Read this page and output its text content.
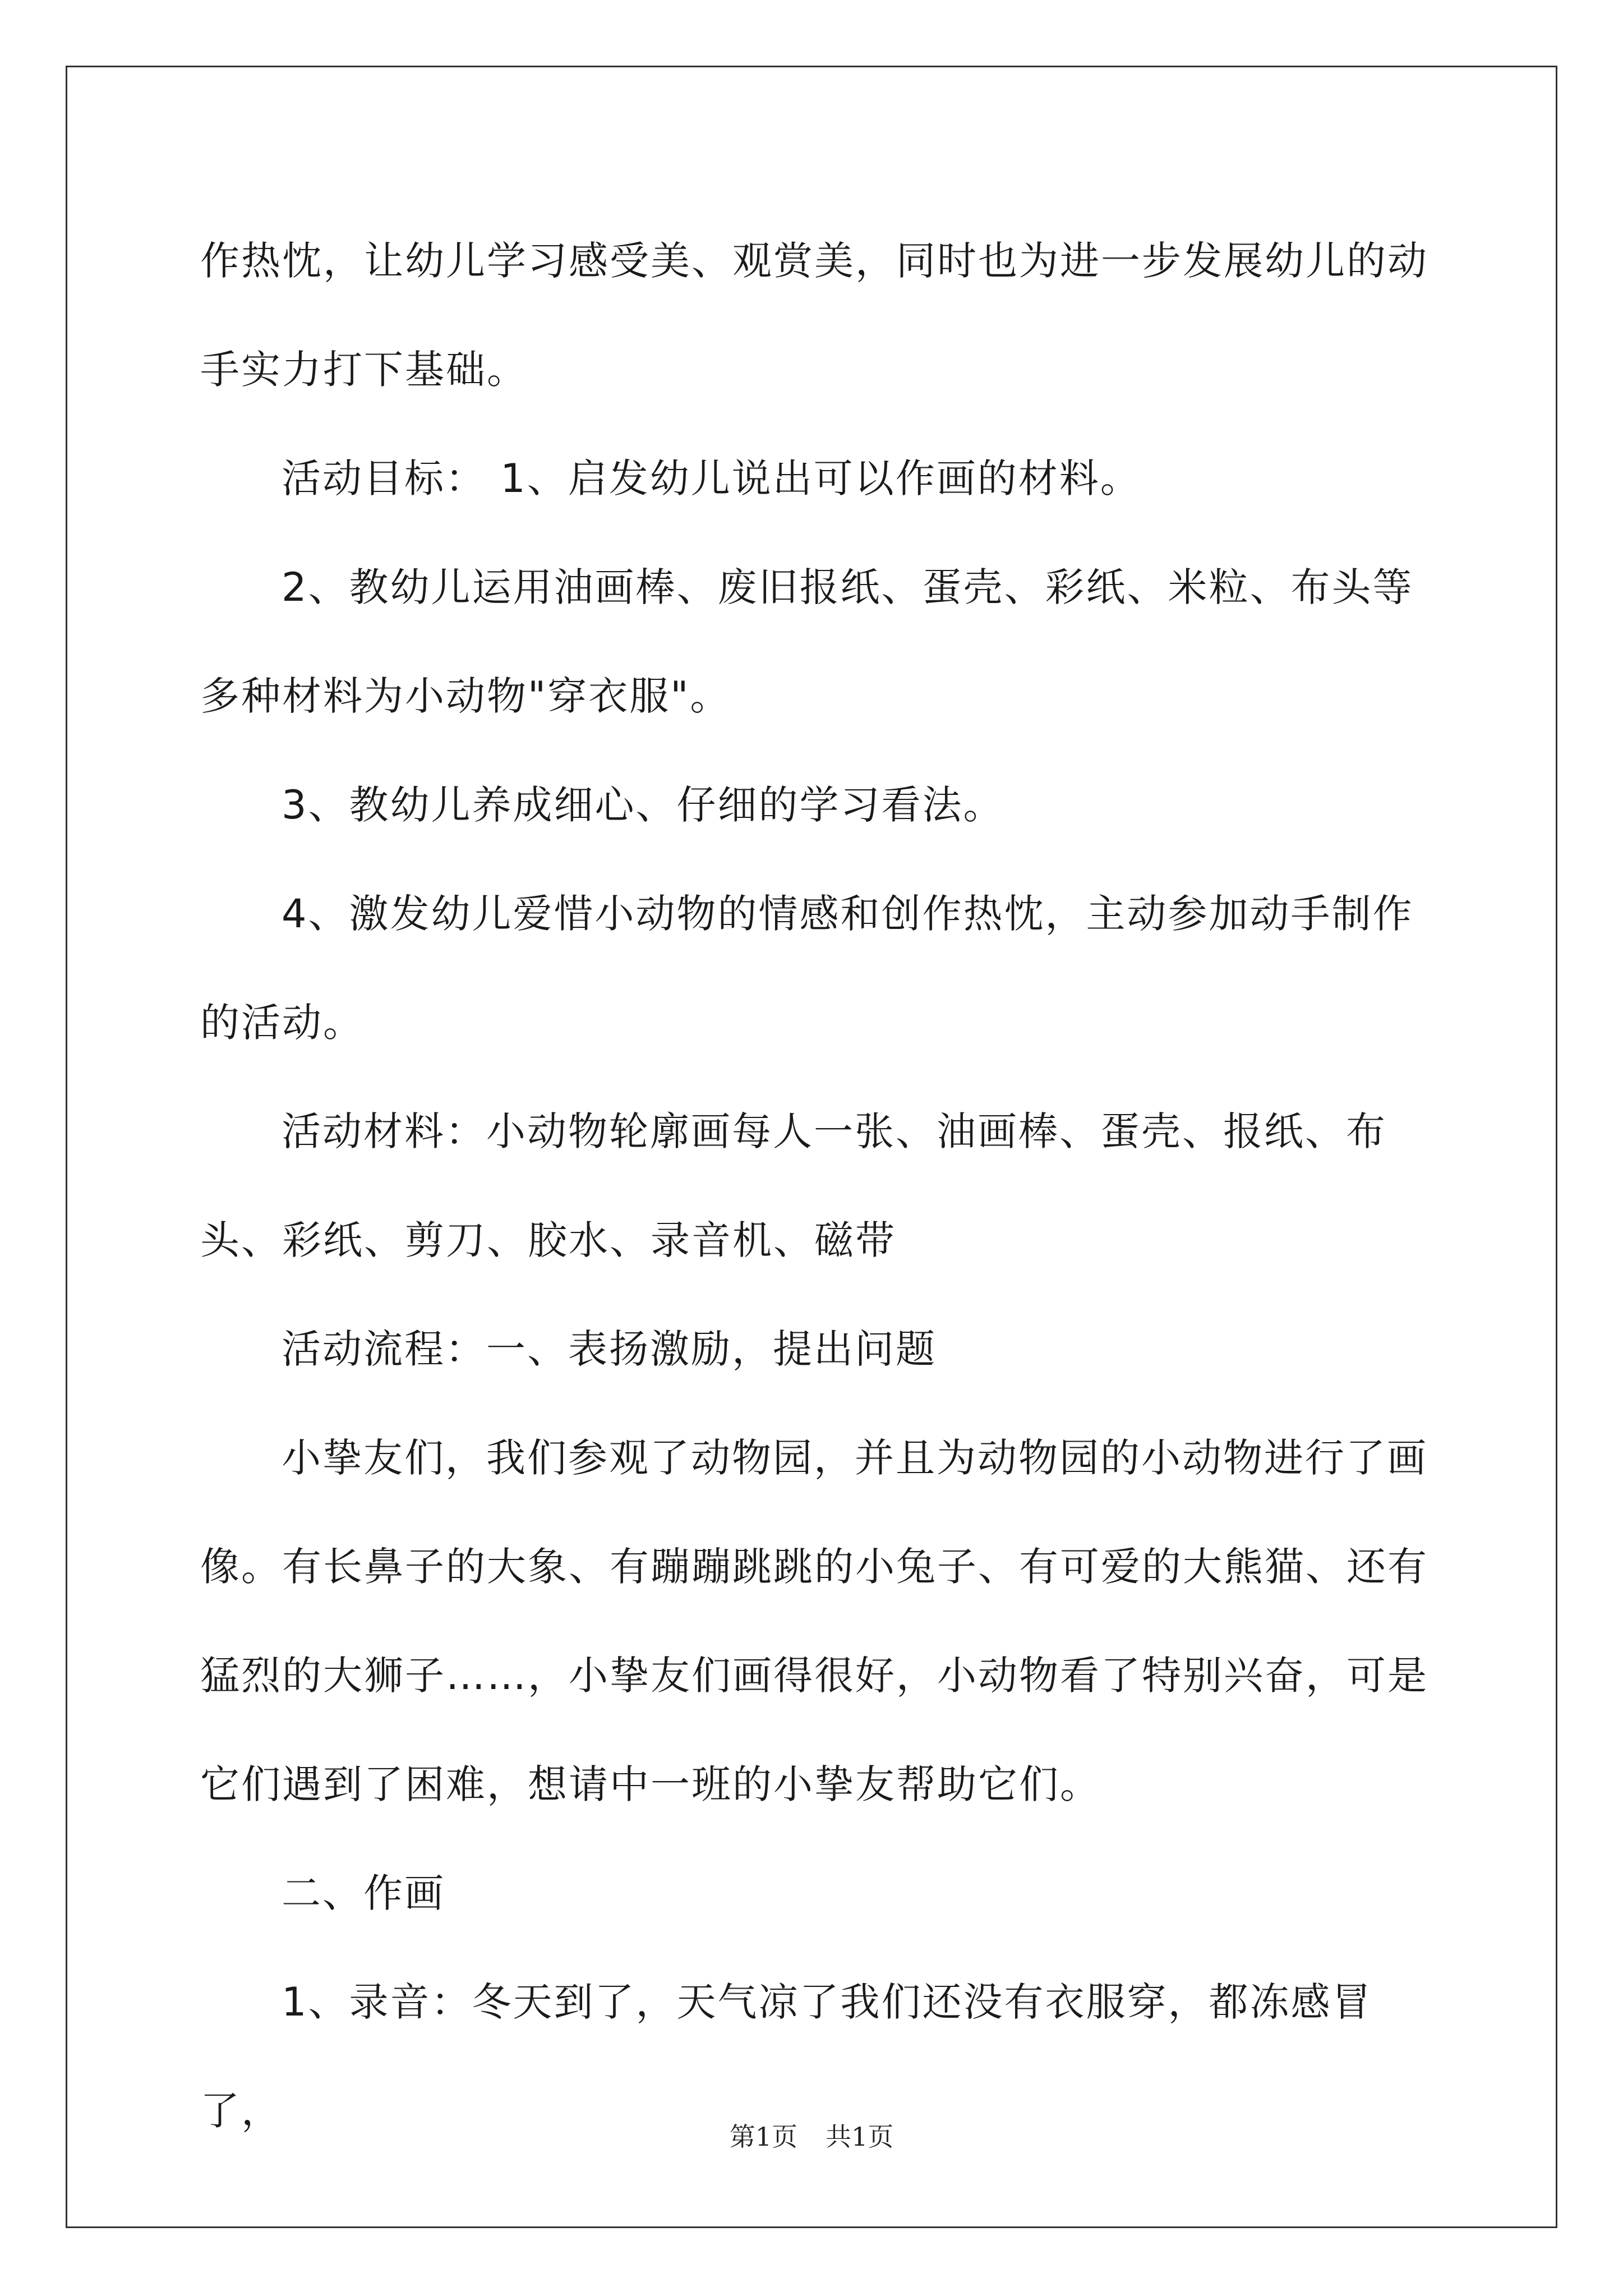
作热忱，让幼儿学习感受美、观赏美，同时也为进一步发展幼儿的动手实力打下基础。

活动目标： 1、启发幼儿说出可以作画的材料。

2、教幼儿运用油画棒、废旧报纸、蛋壳、彩纸、米粒、布头等多种材料为小动物"穿衣服"。

3、教幼儿养成细心、仔细的学习看法。

4、激发幼儿爱惜小动物的情感和创作热忱，主动参加动手制作的活动。

活动材料：小动物轮廓画每人一张、油画棒、蛋壳、报纸、布头、彩纸、剪刀、胶水、录音机、磁带

活动流程：一、表扬激励，提出问题

小挚友们，我们参观了动物园，并且为动物园的小动物进行了画像。有长鼻子的大象、有蹦蹦跳跳的小兔子、有可爱的大熊猫、还有猛烈的大狮子……，小挚友们画得很好，小动物看了特别兴奋，可是它们遇到了困难，想请中一班的小挚友帮助它们。

二、作画

1、录音：冬天到了，天气凉了我们还没有衣服穿，都冻感冒了，

第1页 共1页
